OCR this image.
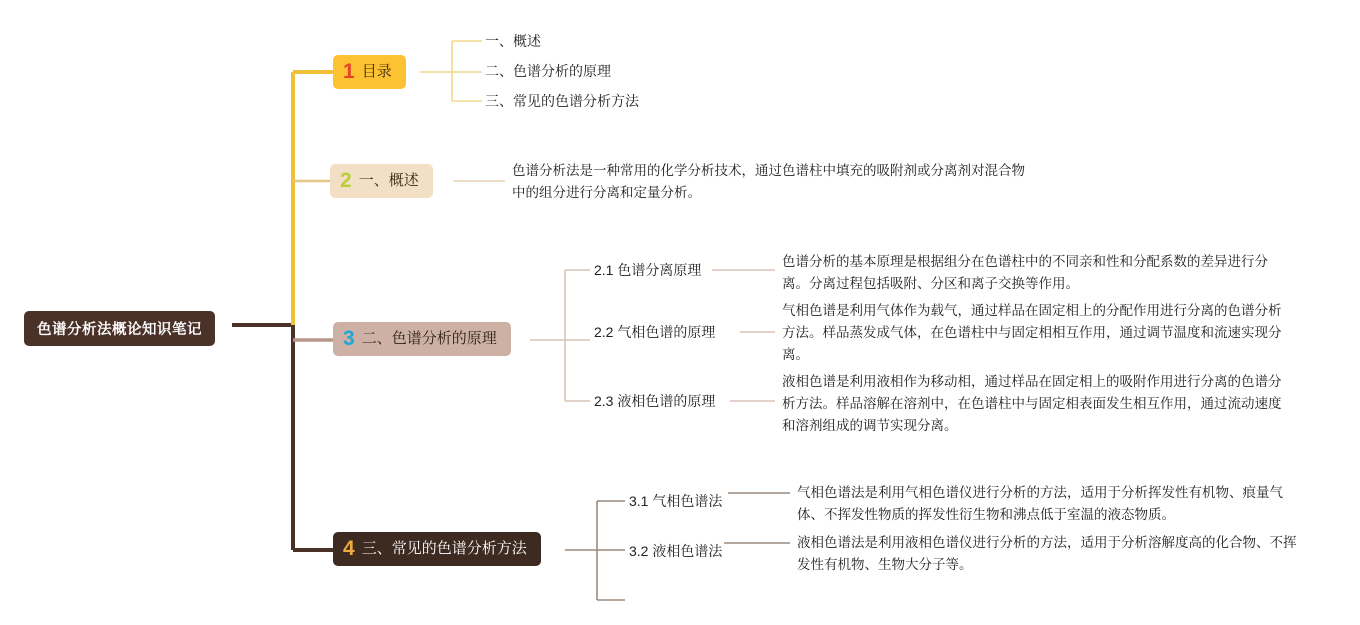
色谱分析法概论知识笔记
1 目录
一、概述
二、色谱分析的原理
三、常见的色谱分析方法
2 一、概述
色谱分析法是一种常用的化学分析技术，通过色谱柱中填充的吸附剂或分离剂对混合物中的组分进行分离和定量分析。
3 二、色谱分析的原理
2.1 色谱分离原理
色谱分析的基本原理是根据组分在色谱柱中的不同亲和性和分配系数的差异进行分离。分离过程包括吸附、分区和离子交换等作用。
2.2 气相色谱的原理
气相色谱是利用气体作为载气，通过样品在固定相上的分配作用进行分离的色谱分析方法。样品蒸发成气体，在色谱柱中与固定相相互作用，通过调节温度和流速实现分离。
2.3 液相色谱的原理
液相色谱是利用液相作为移动相，通过样品在固定相上的吸附作用进行分离的色谱分析方法。样品溶解在溶剂中，在色谱柱中与固定相表面发生相互作用，通过流动速度和溶剂组成的调节实现分离。
4 三、常见的色谱分析方法
3.1 气相色谱法
气相色谱法是利用气相色谱仪进行分析的方法，适用于分析挥发性有机物、痕量气体、不挥发性物质的挥发性衍生物和沸点低于室温的液态物质。
3.2 液相色谱法
液相色谱法是利用液相色谱仪进行分析的方法，适用于分析溶解度高的化合物、不挥发性有机物、生物大分子等。
